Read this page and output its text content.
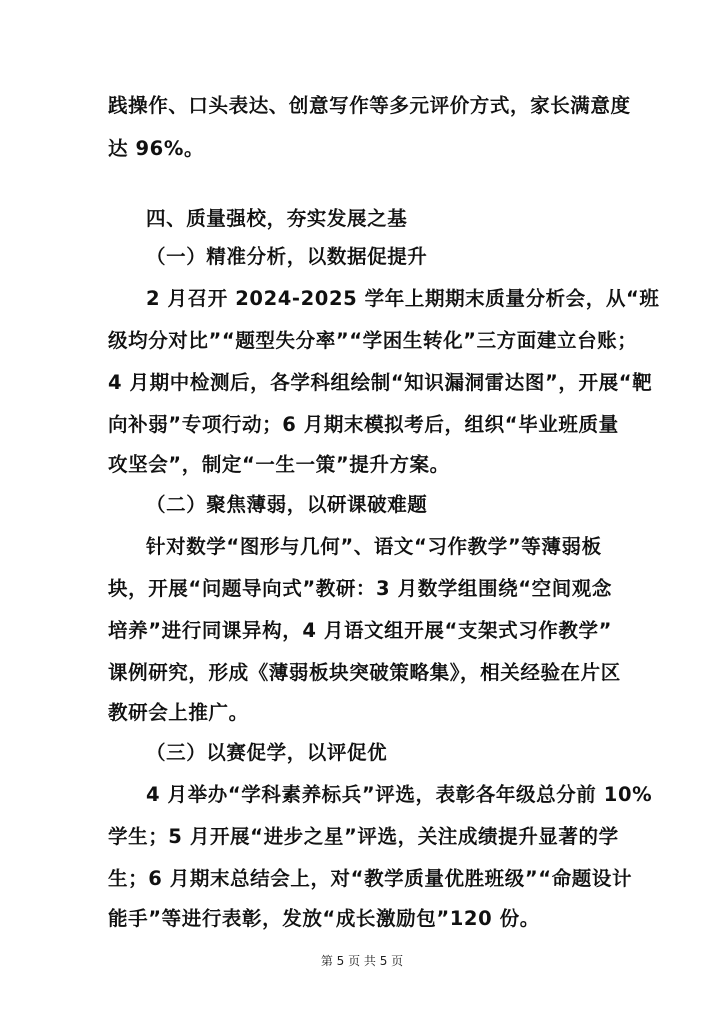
践操作、口头表达、创意写作等多元评价方式，家长满意度
达 96%。
四、质量强校，夯实发展之基
（一）精准分析，以数据促提升
2 月召开 2024-2025 学年上期期末质量分析会，从“班
级均分对比”“题型失分率”“学困生转化”三方面建立台账；
4 月期中检测后，各学科组绘制“知识漏洞雷达图”，开展“靶
向补弱”专项行动；6 月期末模拟考后，组织“毕业班质量
攻坚会”，制定“一生一策”提升方案。
（二）聚焦薄弱，以研课破难题
针对数学“图形与几何”、语文“习作教学”等薄弱板
块，开展“问题导向式”教研：3 月数学组围绕“空间观念
培养”进行同课异构，4 月语文组开展“支架式习作教学”
课例研究，形成《薄弱板块突破策略集》，相关经验在片区
教研会上推广。
（三）以赛促学，以评促优
4 月举办“学科素养标兵”评选，表彰各年级总分前 10%
学生；5 月开展“进步之星”评选，关注成绩提升显著的学
生；6 月期末总结会上，对“教学质量优胜班级”“命题设计
能手”等进行表彰，发放“成长激励包”120 份。
第 5 页 共 5 页
